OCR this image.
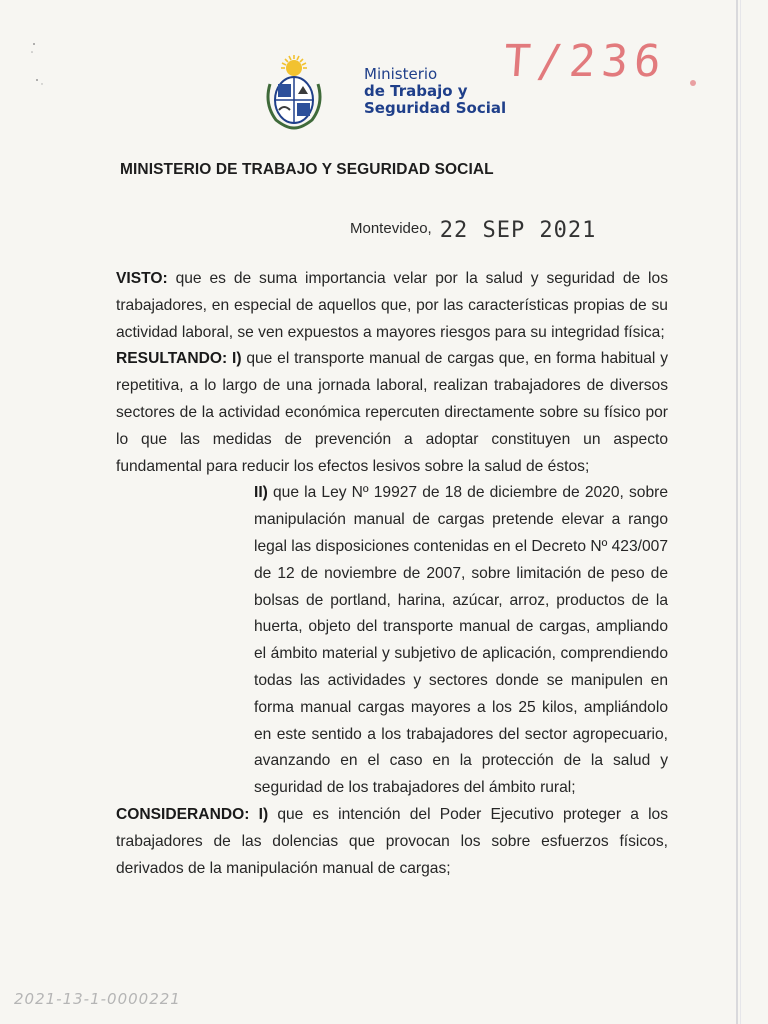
Ministerio
de Trabajo y
Seguridad Social
T/236
MINISTERIO DE TRABAJO Y SEGURIDAD SOCIAL
Montevideo, 22 SEP 2021

VISTO: que es de suma importancia velar por la salud y seguridad de los trabajadores, en especial de aquellos que, por las características propias de su actividad laboral, se ven expuestos a mayores riesgos para su integridad física;

RESULTANDO: I) que el transporte manual de cargas que, en forma habitual y repetitiva, a lo largo de una jornada laboral, realizan trabajadores de diversos sectores de la actividad económica repercuten directamente sobre su físico por lo que las medidas de prevención a adoptar constituyen un aspecto fundamental para reducir los efectos lesivos sobre la salud de éstos;

II) que la Ley Nº 19927 de 18 de diciembre de 2020, sobre manipulación manual de cargas pretende elevar a rango legal las disposiciones contenidas en el Decreto Nº 423/007 de 12 de noviembre de 2007, sobre limitación de peso de bolsas de portland, harina, azúcar, arroz, productos de la huerta, objeto del transporte manual de cargas, ampliando el ámbito material y subjetivo de aplicación, comprendiendo todas las actividades y sectores donde se manipulen en forma manual cargas mayores a los 25 kilos, ampliándolo en este sentido a los trabajadores del sector agropecuario, avanzando en el caso en la protección de la salud y seguridad de los trabajadores del ámbito rural;

CONSIDERANDO: I) que es intención del Poder Ejecutivo proteger a los trabajadores de las dolencias que provocan los sobre esfuerzos físicos, derivados de la manipulación manual de cargas;

2021-13-1-0000221
